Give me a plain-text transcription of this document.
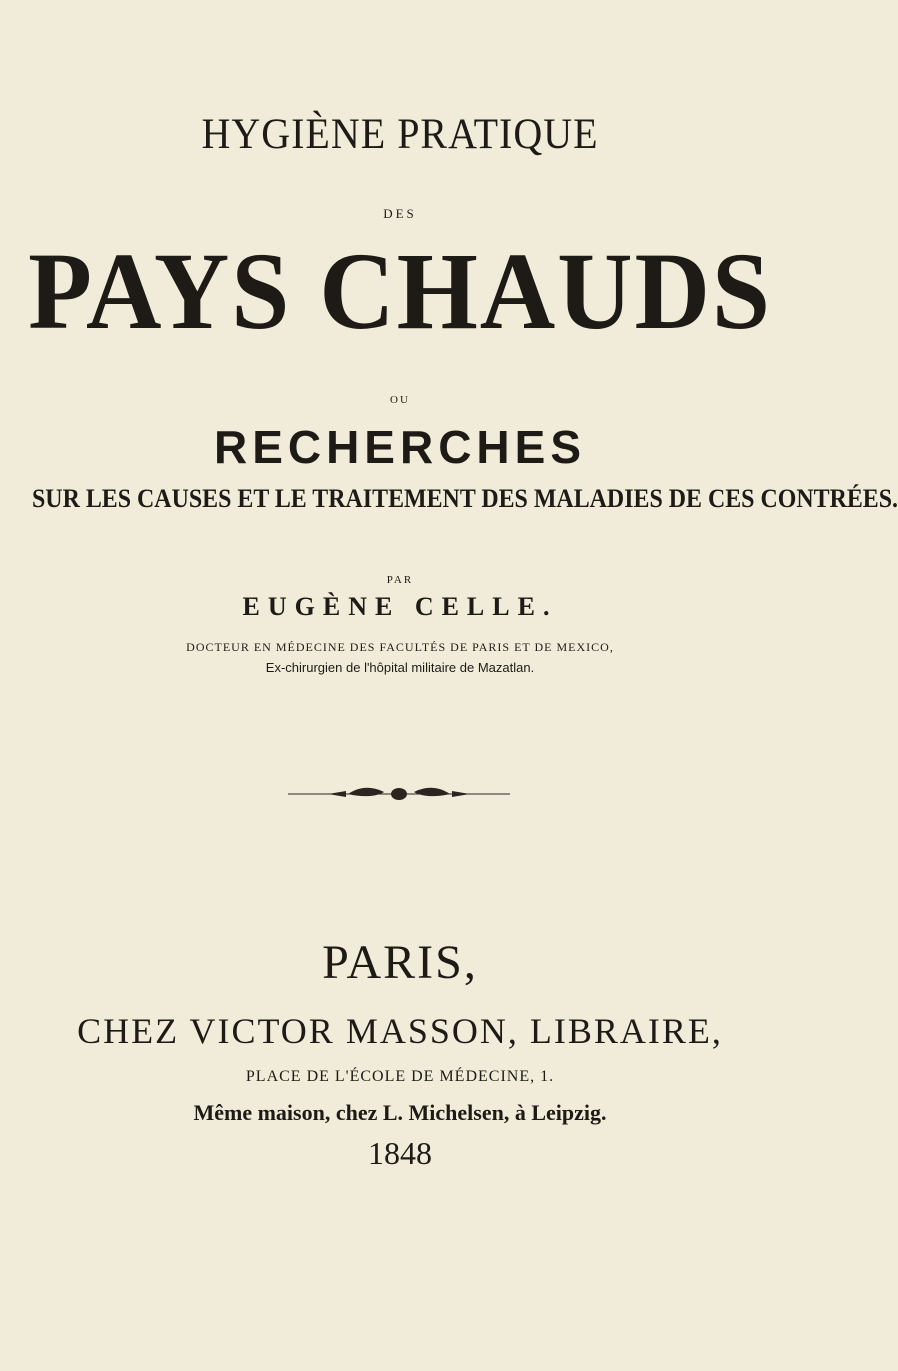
HYGIÈNE PRATIQUE

DES

PAYS CHAUDS

OU

RECHERCHES

SUR LES CAUSES ET LE TRAITEMENT DES MALADIES DE CES CONTRÉES.

PAR

EUGÈNE CELLE.

DOCTEUR EN MÉDECINE DES FACULTÉS DE PARIS ET DE MEXICO,

Ex-chirurgien de l'hôpital militaire de Mazatlan.

PARIS,

CHEZ VICTOR MASSON, LIBRAIRE,

PLACE DE L'ÉCOLE DE MÉDECINE, 1.

Même maison, chez L. Michelsen, à Leipzig.

1848
